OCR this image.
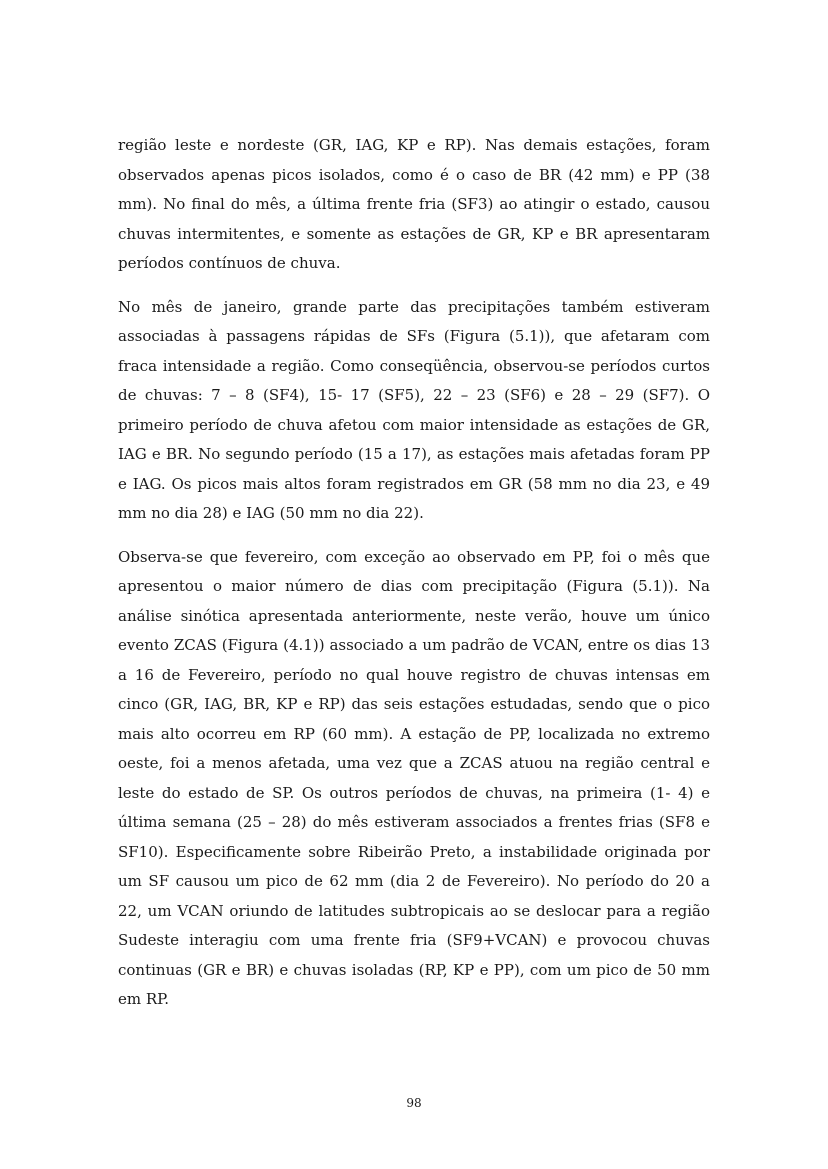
região leste e nordeste (GR, IAG, KP e RP). Nas demais estações, foram observados apenas picos isolados, como é o caso de BR (42 mm) e PP (38 mm). No final do mês, a última frente fria (SF3) ao atingir o estado, causou chuvas intermitentes, e somente as estações de GR, KP e BR apresentaram períodos contínuos de chuva.

No mês de janeiro, grande parte das precipitações também estiveram associadas à passagens rápidas de SFs (Figura (5.1)), que afetaram com fraca intensidade a região. Como conseqüência, observou-se períodos curtos de chuvas: 7 – 8 (SF4), 15- 17 (SF5), 22 – 23 (SF6) e 28 – 29 (SF7). O primeiro período de chuva afetou com maior intensidade as estações de GR, IAG e BR. No segundo período (15 a 17), as estações mais afetadas foram PP e IAG. Os picos mais altos foram registrados em GR (58 mm no dia 23, e 49 mm no dia 28) e IAG (50 mm no dia 22).

Observa-se que fevereiro, com exceção ao observado em PP, foi o mês que apresentou o maior número de dias com precipitação (Figura (5.1)). Na análise sinótica apresentada anteriormente, neste verão, houve um único evento ZCAS (Figura (4.1)) associado a um padrão de VCAN, entre os dias 13 a 16 de Fevereiro, período no qual houve registro de chuvas intensas em cinco (GR, IAG, BR, KP e RP) das seis estações estudadas, sendo que o pico mais alto ocorreu em RP (60 mm). A estação de PP, localizada no extremo oeste, foi a menos afetada, uma vez que a ZCAS atuou na região central e leste do estado de SP. Os outros períodos de chuvas, na primeira (1- 4) e última semana (25 – 28) do mês estiveram associados a frentes frias (SF8 e SF10). Especificamente sobre Ribeirão Preto, a instabilidade originada por um SF causou um pico de 62 mm (dia 2 de Fevereiro). No período do 20 a 22, um VCAN oriundo de latitudes subtropicais ao se deslocar para a região Sudeste interagiu com uma frente fria (SF9+VCAN) e provocou chuvas continuas (GR e BR) e chuvas isoladas (RP, KP e PP), com um pico de 50 mm em RP.

98
